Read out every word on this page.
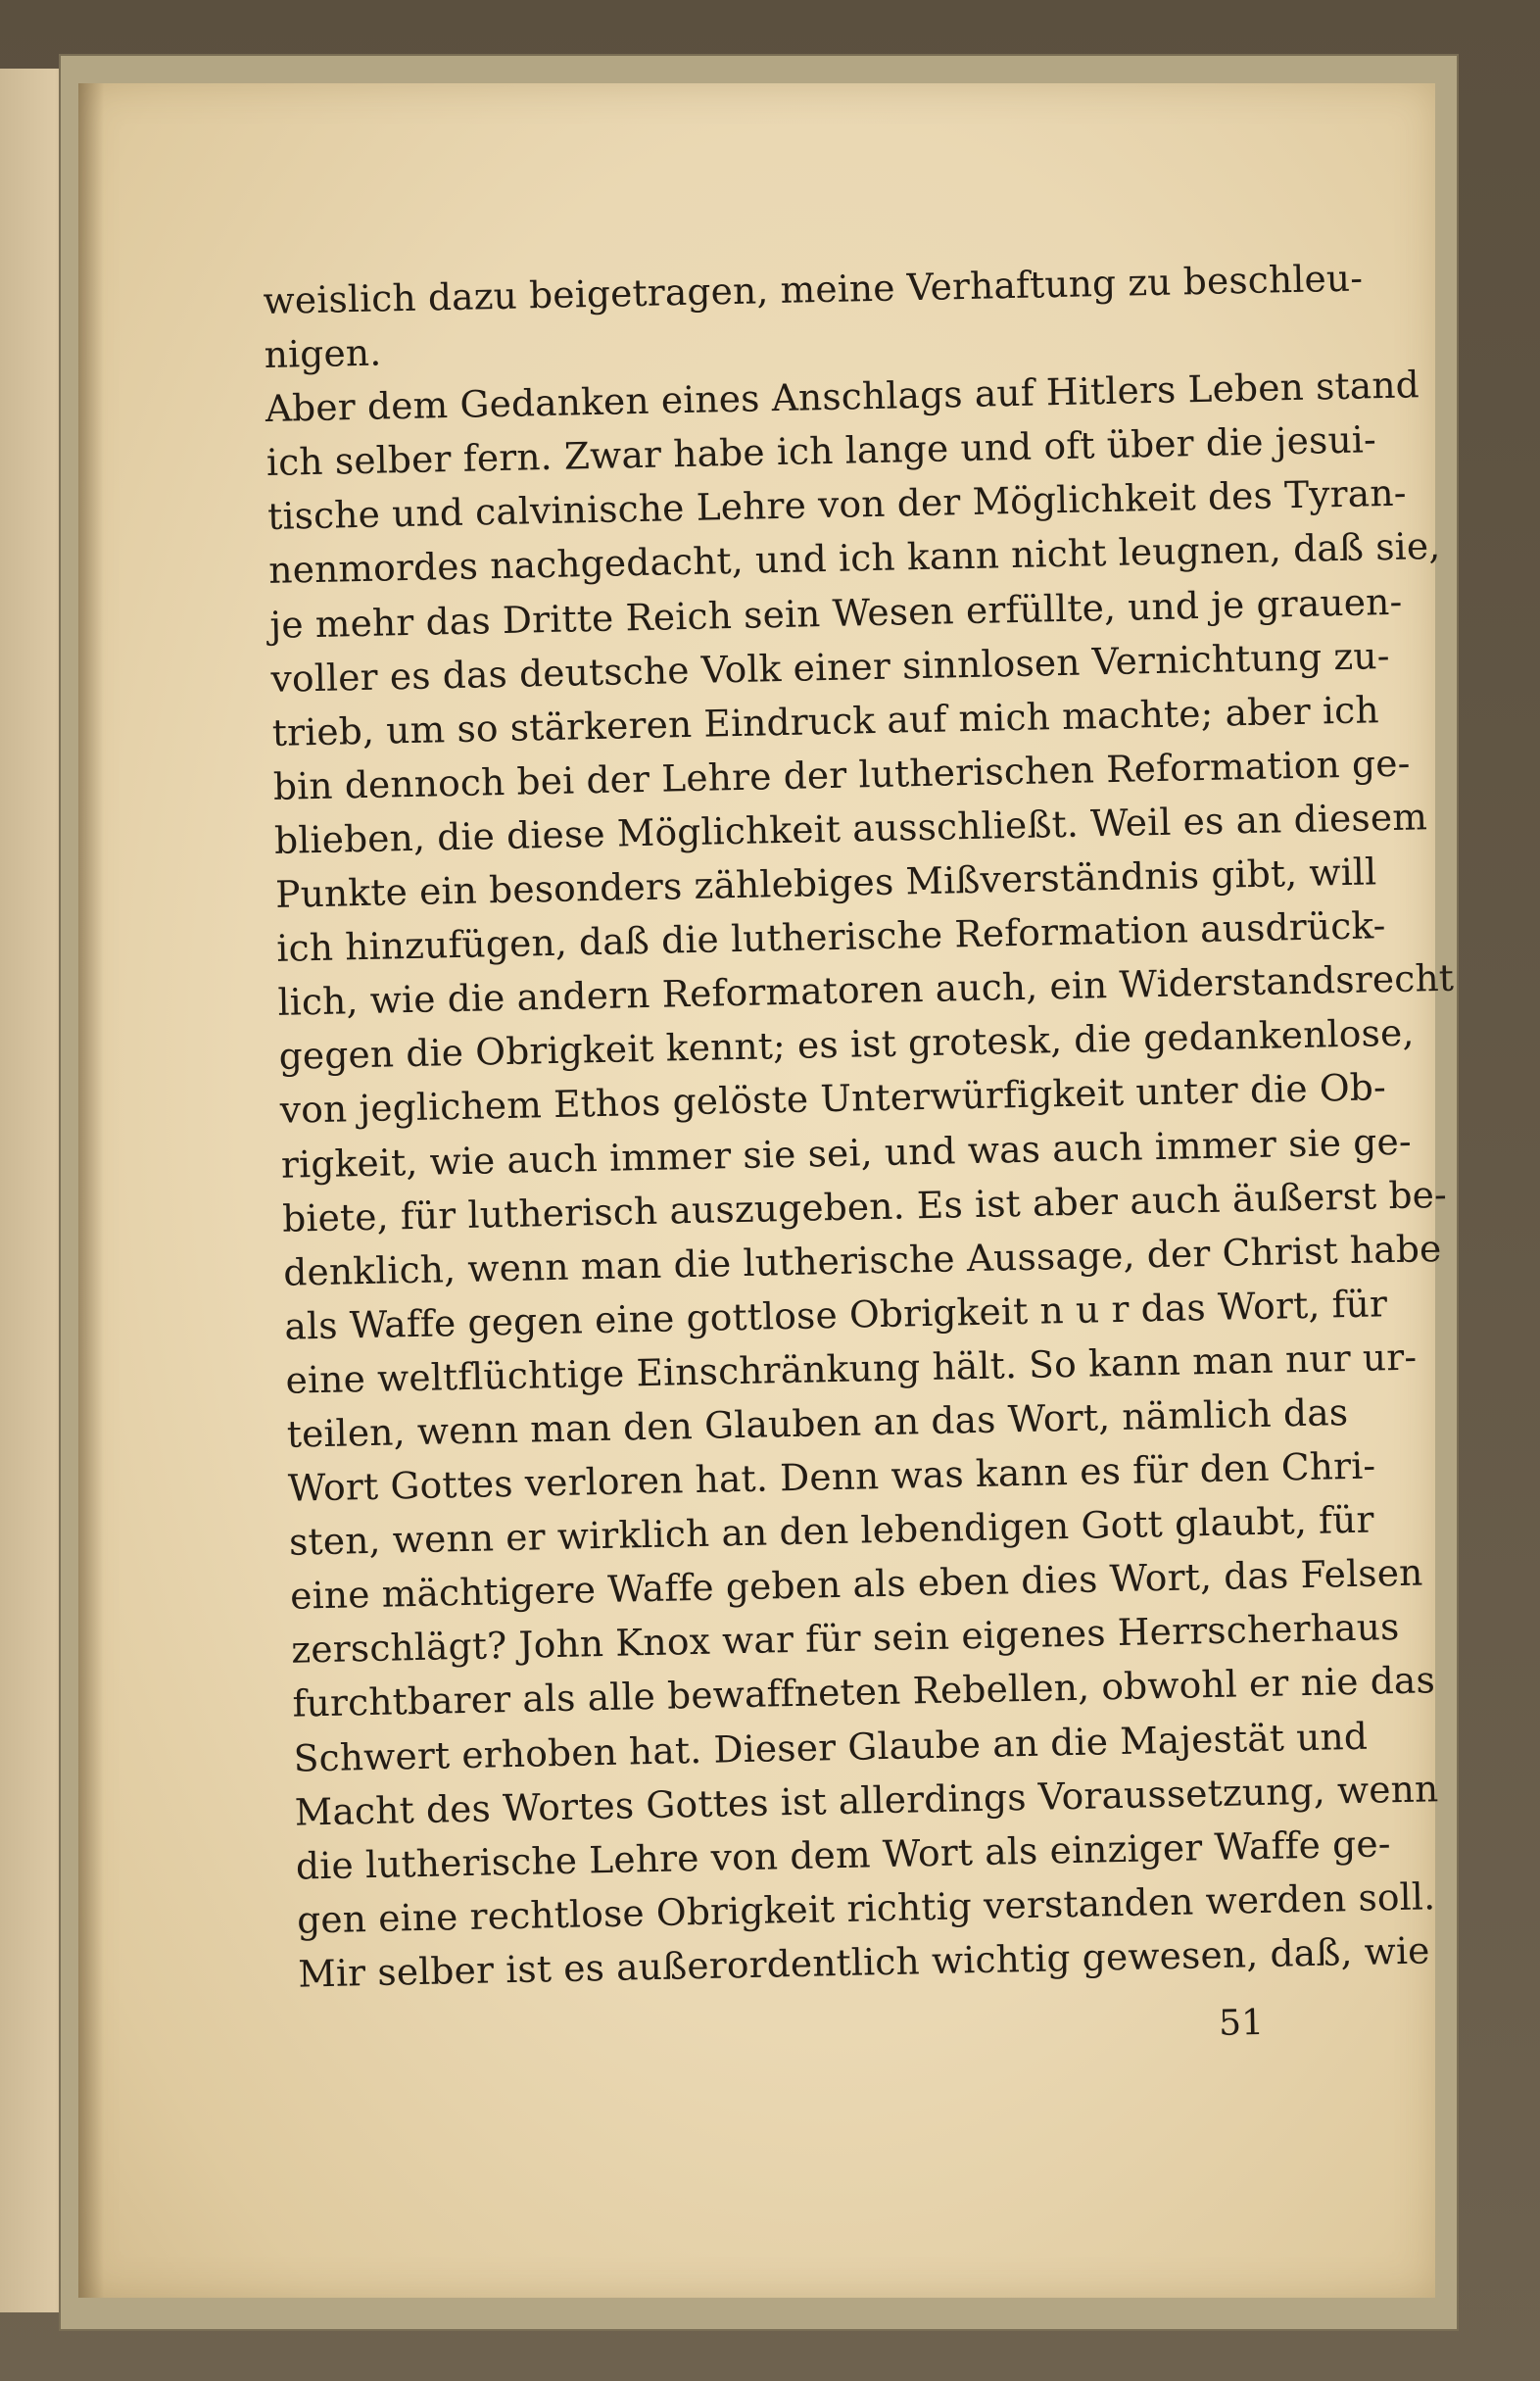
weislich dazu beigetragen, meine Verhaftung zu beschleu-
nigen.
Aber dem Gedanken eines Anschlags auf Hitlers Leben stand
ich selber fern. Zwar habe ich lange und oft über die jesui-
tische und calvinische Lehre von der Möglichkeit des Tyran-
nenmordes nachgedacht, und ich kann nicht leugnen, daß sie,
je mehr das Dritte Reich sein Wesen erfüllte, und je grauen-
voller es das deutsche Volk einer sinnlosen Vernichtung zu-
trieb, um so stärkeren Eindruck auf mich machte; aber ich
bin dennoch bei der Lehre der lutherischen Reformation ge-
blieben, die diese Möglichkeit ausschließt. Weil es an diesem
Punkte ein besonders zählebiges Mißverständnis gibt, will
ich hinzufügen, daß die lutherische Reformation ausdrück-
lich, wie die andern Reformatoren auch, ein Widerstandsrecht
gegen die Obrigkeit kennt; es ist grotesk, die gedankenlose,
von jeglichem Ethos gelöste Unterwürfigkeit unter die Ob-
rigkeit, wie auch immer sie sei, und was auch immer sie ge-
biete, für lutherisch auszugeben. Es ist aber auch äußerst be-
denklich, wenn man die lutherische Aussage, der Christ habe
als Waffe gegen eine gottlose Obrigkeit n u r das Wort, für
eine weltflüchtige Einschränkung hält. So kann man nur ur-
teilen, wenn man den Glauben an das Wort, nämlich das
Wort Gottes verloren hat. Denn was kann es für den Chri-
sten, wenn er wirklich an den lebendigen Gott glaubt, für
eine mächtigere Waffe geben als eben dies Wort, das Felsen
zerschlägt? John Knox war für sein eigenes Herrscherhaus
furchtbarer als alle bewaffneten Rebellen, obwohl er nie das
Schwert erhoben hat. Dieser Glaube an die Majestät und
Macht des Wortes Gottes ist allerdings Voraussetzung, wenn
die lutherische Lehre von dem Wort als einziger Waffe ge-
gen eine rechtlose Obrigkeit richtig verstanden werden soll.
Mir selber ist es außerordentlich wichtig gewesen, daß, wie
51
